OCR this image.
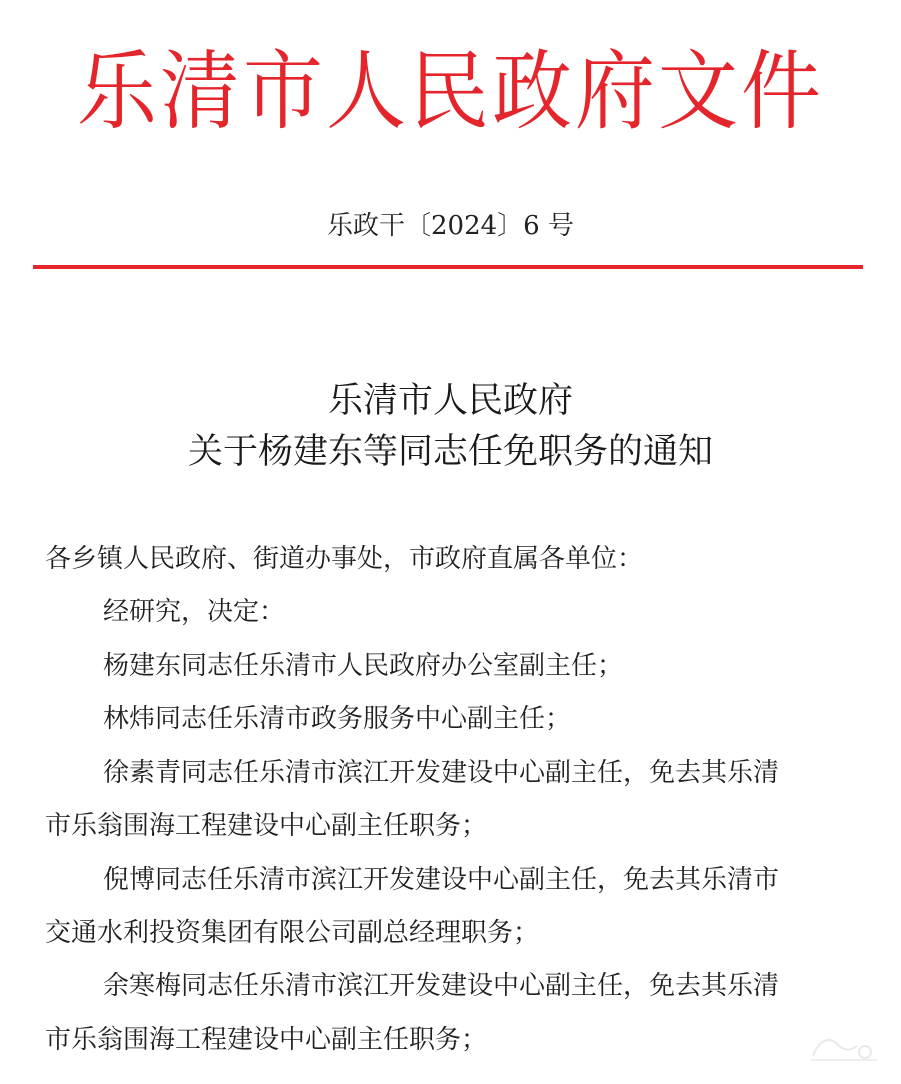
乐清市人民政府文件
乐政干〔2024〕6 号
乐清市人民政府
关于杨建东等同志任免职务的通知
各乡镇人民政府、街道办事处，市政府直属各单位：
经研究，决定：
杨建东同志任乐清市人民政府办公室副主任；
林炜同志任乐清市政务服务中心副主任；
徐素青同志任乐清市滨江开发建设中心副主任，免去其乐清
市乐翁围海工程建设中心副主任职务；
倪博同志任乐清市滨江开发建设中心副主任，免去其乐清市
交通水利投资集团有限公司副总经理职务；
余寒梅同志任乐清市滨江开发建设中心副主任，免去其乐清
市乐翁围海工程建设中心副主任职务；
